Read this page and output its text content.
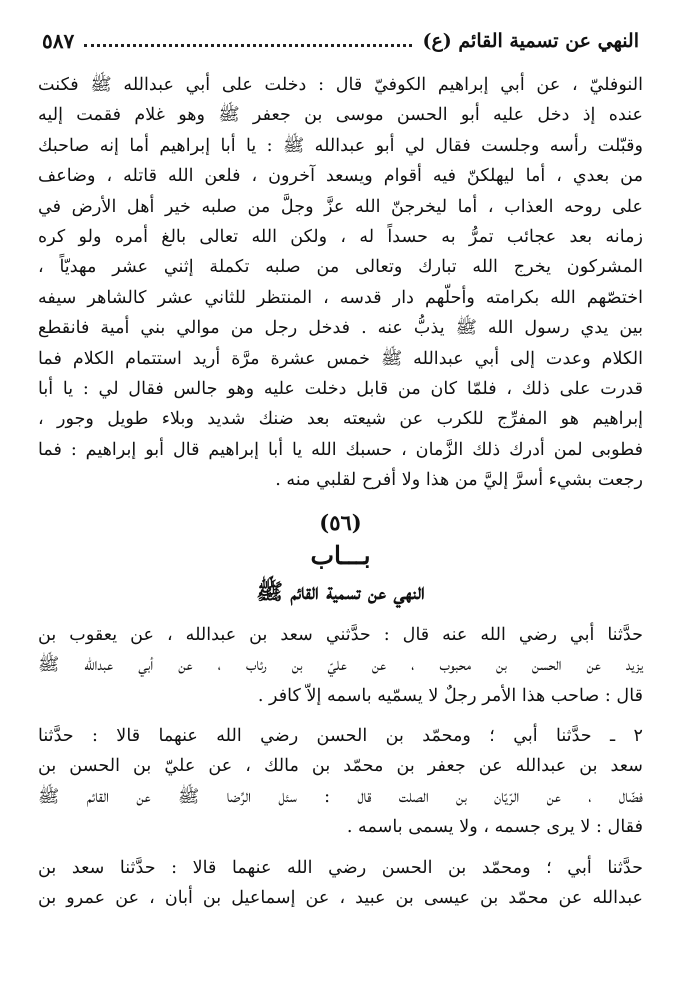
النهي عن تسمية القائم (ع)
٥٨٧

النوفليّ ، عن أبي إبراهيم الكوفيّ قال : دخلت على أبي عبدالله ﷺ فكنت
عنده إذ دخل عليه أبو الحسن موسى بن جعفر ﷺ وهو غلام فقمت إليه
وقبّلت رأسه وجلست فقال لي أبو عبدالله ﷺ : يا أبا إبراهيم أما إنه صاحبك
من بعدي ، أما ليهلكنّ فيه أقوام ويسعد آخرون ، فلعن الله قاتله ، وضاعف
على روحه العذاب ، أما ليخرجنّ الله عزَّ وجلَّ من صلبه خير أهل الأرض في
زمانه بعد عجائب تمرُّ به حسداً له ، ولكن الله تعالى بالغ أمره ولو كره
المشركون يخرج الله تبارك وتعالى من صلبه تكملة إثني عشر مهديّاً ،
اختصّهم الله بكرامته وأحلّهم دار قدسه ، المنتظر للثاني عشر كالشاهر سيفه
بين يدي رسول الله ﷺ يذبُّ عنه . فدخل رجل من موالي بني أمية فانقطع
الكلام وعدت إلى أبي عبدالله ﷺ خمس عشرة مرَّة أريد استتمام الكلام فما
قدرت على ذلك ، فلمّا كان من قابل دخلت عليه وهو جالس فقال لي : يا أبا
إبراهيم هو المفرِّج للكرب عن شيعته بعد ضنك شديد وبلاء طويل وجور ،
فطوبى لمن أدرك ذلك الزَّمان ، حسبك الله يا أبا إبراهيم قال أبو إبراهيم : فما
رجعت بشيء أسرَّ إليَّ من هذا ولا أفرح لقلبي منه .

(٥٦)
بـــاب
النهي عن تسمية القائم ﷺ

حدَّثنا أبي رضي الله عنه قال : حدَّثني سعد بن عبدالله ، عن يعقوب بن
يزيد عن الحسن بن محبوب ، عن عليّ بن رئاب ، عن أبي عبدالله ﷺ
قال : صاحب هذا الأمر رجلٌ لا يسمّيه باسمه إلاّ كافر .

٢ ـ حدَّثنا أبي ؛ ومحمّد بن الحسن رضي الله عنهما قالا : حدَّثنا
سعد بن عبدالله عن جعفر بن محمّد بن مالك ، عن عليّ بن الحسن بن
فضّال ، عن الرّيّان بن الصلت قال : سئل الرِّضا ﷺ عن القائم ﷺ
فقال : لا يرى جسمه ، ولا يسمى باسمه .

حدَّثنا أبي ؛ ومحمّد بن الحسن رضي الله عنهما قالا : حدَّثنا سعد بن
عبدالله عن محمّد بن عيسى بن عبيد ، عن إسماعيل بن أبان ، عن عمرو بن
